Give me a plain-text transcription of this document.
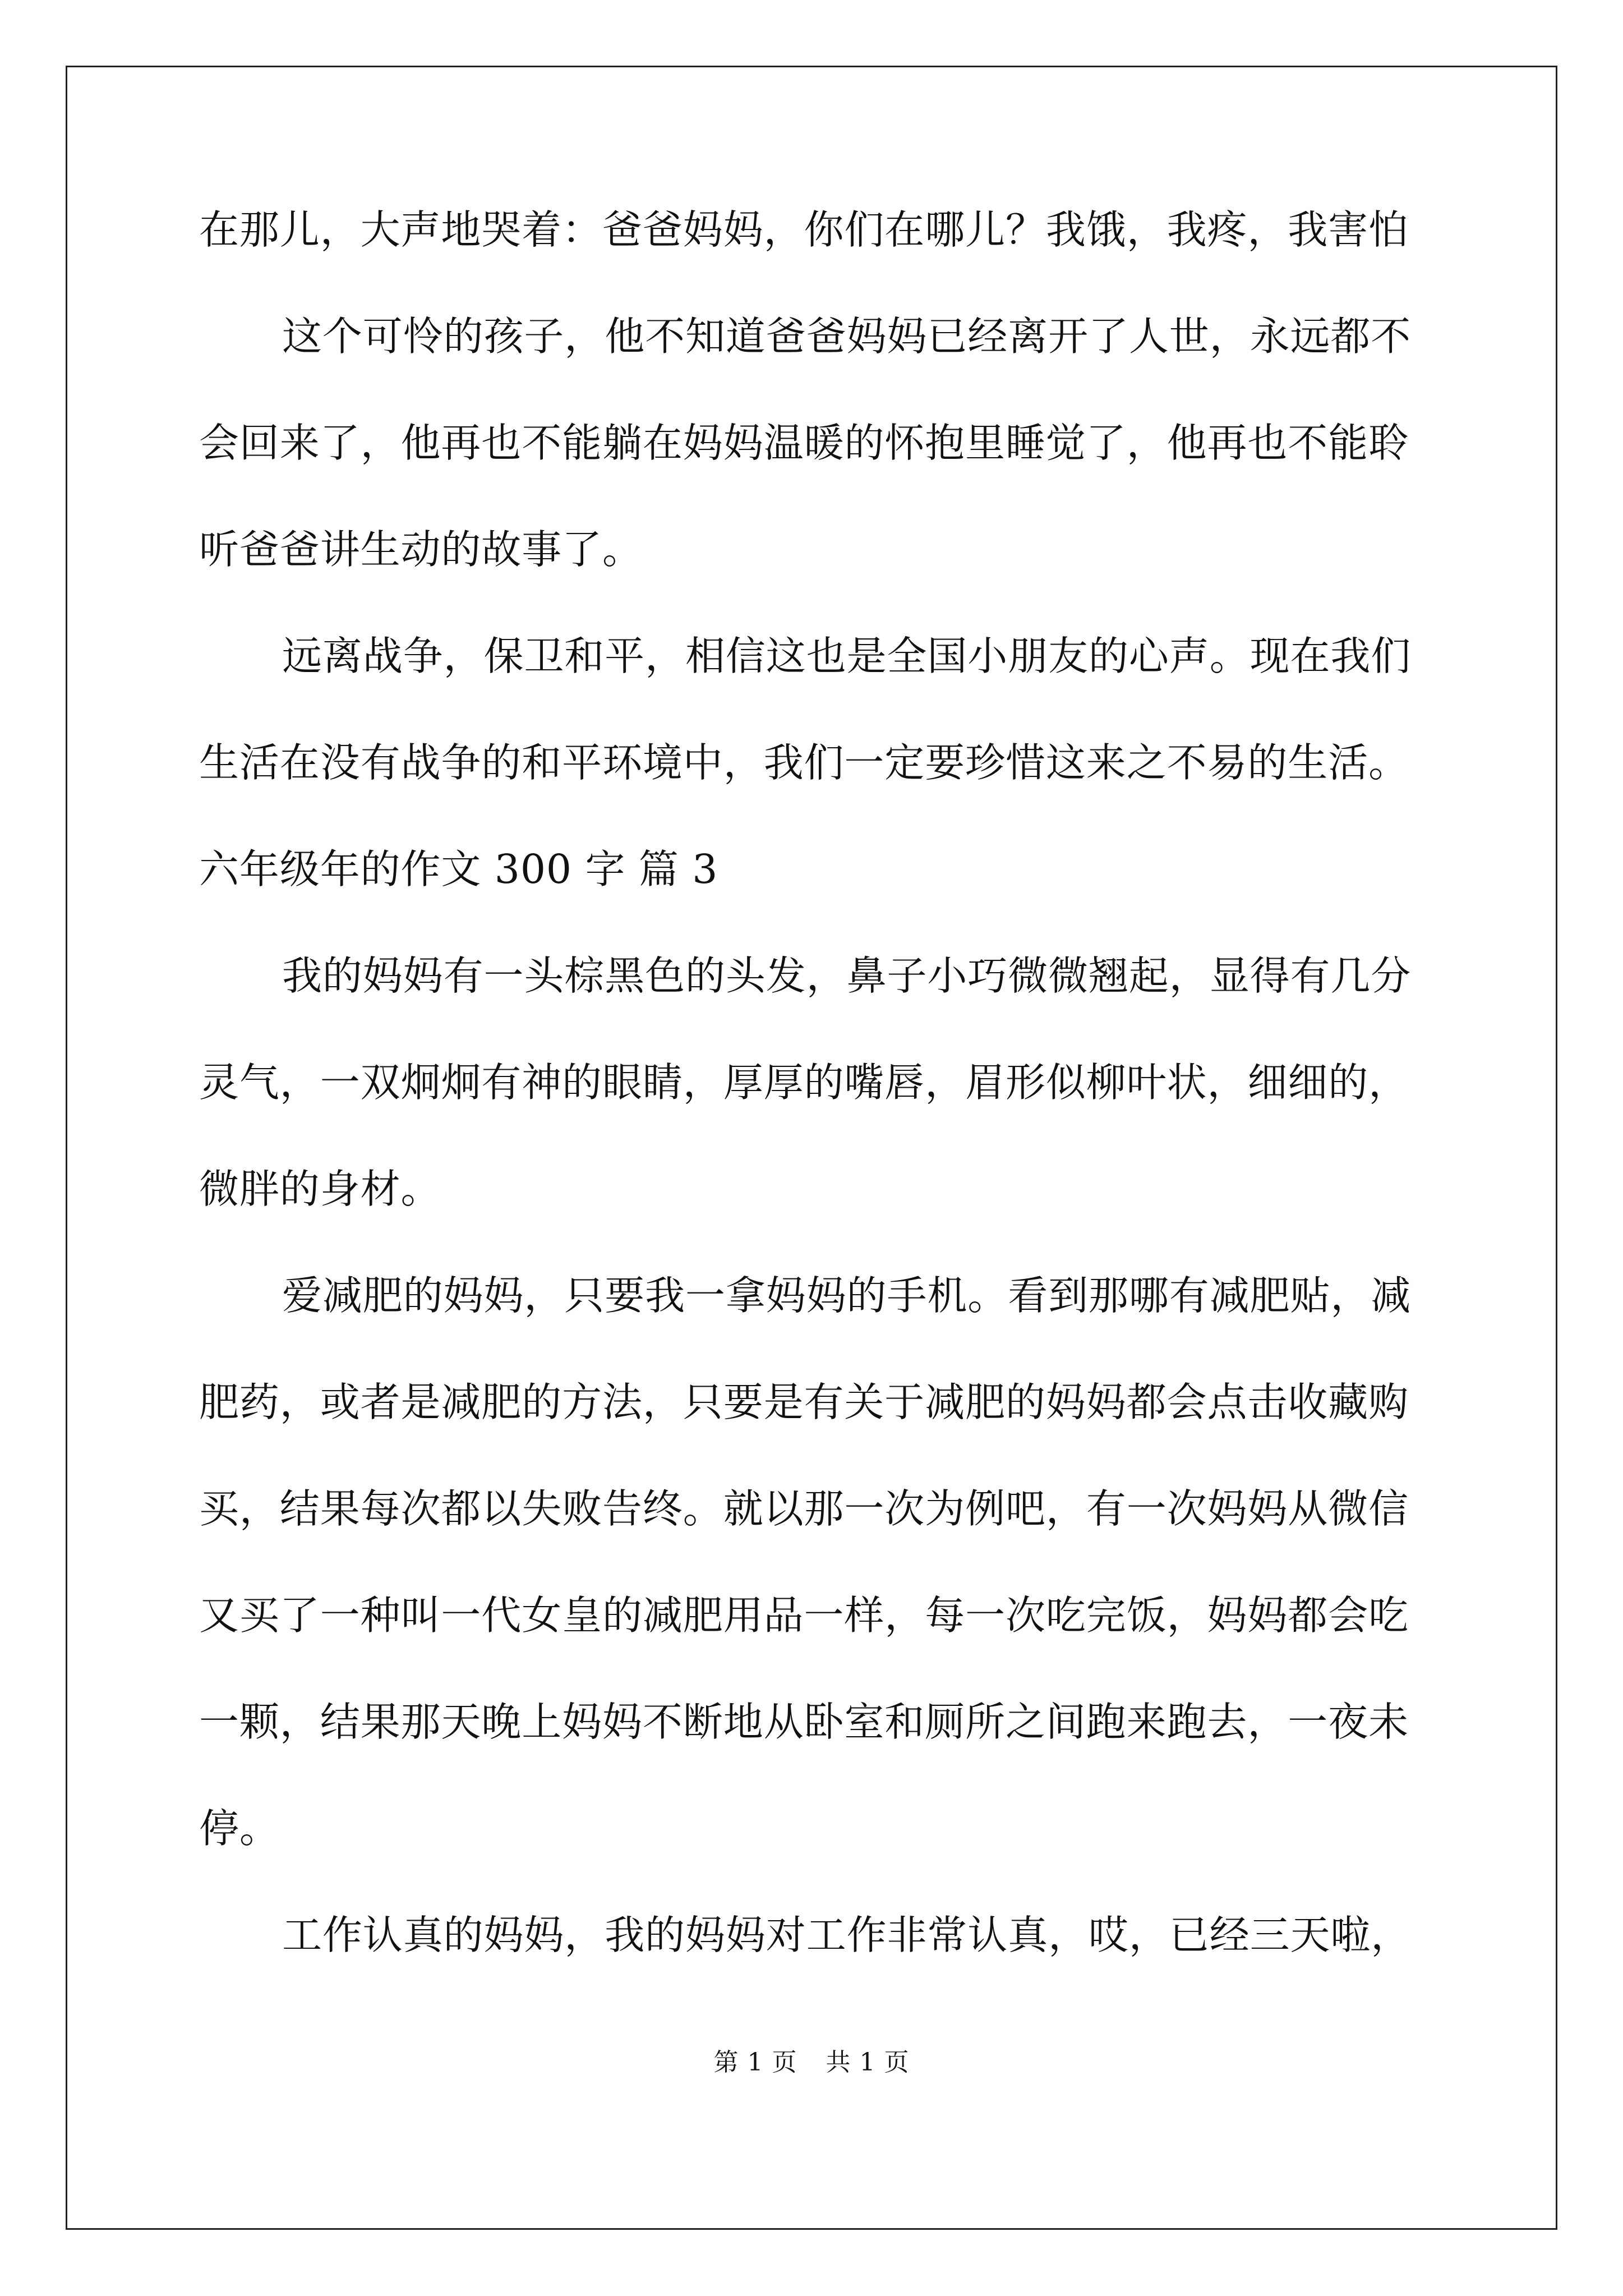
在那儿，大声地哭着：爸爸妈妈，你们在哪儿？我饿，我疼，我害怕
这个可怜的孩子，他不知道爸爸妈妈已经离开了人世，永远都不
会回来了，他再也不能躺在妈妈温暖的怀抱里睡觉了，他再也不能聆
听爸爸讲生动的故事了。
远离战争，保卫和平，相信这也是全国小朋友的心声。现在我们
生活在没有战争的和平环境中，我们一定要珍惜这来之不易的生活。
六年级年的作文 300 字 篇 3
我的妈妈有一头棕黑色的头发，鼻子小巧微微翘起，显得有几分
灵气，一双炯炯有神的眼睛，厚厚的嘴唇，眉形似柳叶状，细细的，
微胖的身材。
爱减肥的妈妈，只要我一拿妈妈的手机。看到那哪有减肥贴，减
肥药，或者是减肥的方法，只要是有关于减肥的妈妈都会点击收藏购
买，结果每次都以失败告终。就以那一次为例吧，有一次妈妈从微信
又买了一种叫一代女皇的减肥用品一样，每一次吃完饭，妈妈都会吃
一颗，结果那天晚上妈妈不断地从卧室和厕所之间跑来跑去，一夜未
停。
工作认真的妈妈，我的妈妈对工作非常认真，哎，已经三天啦，
第 1 页 共 1 页
